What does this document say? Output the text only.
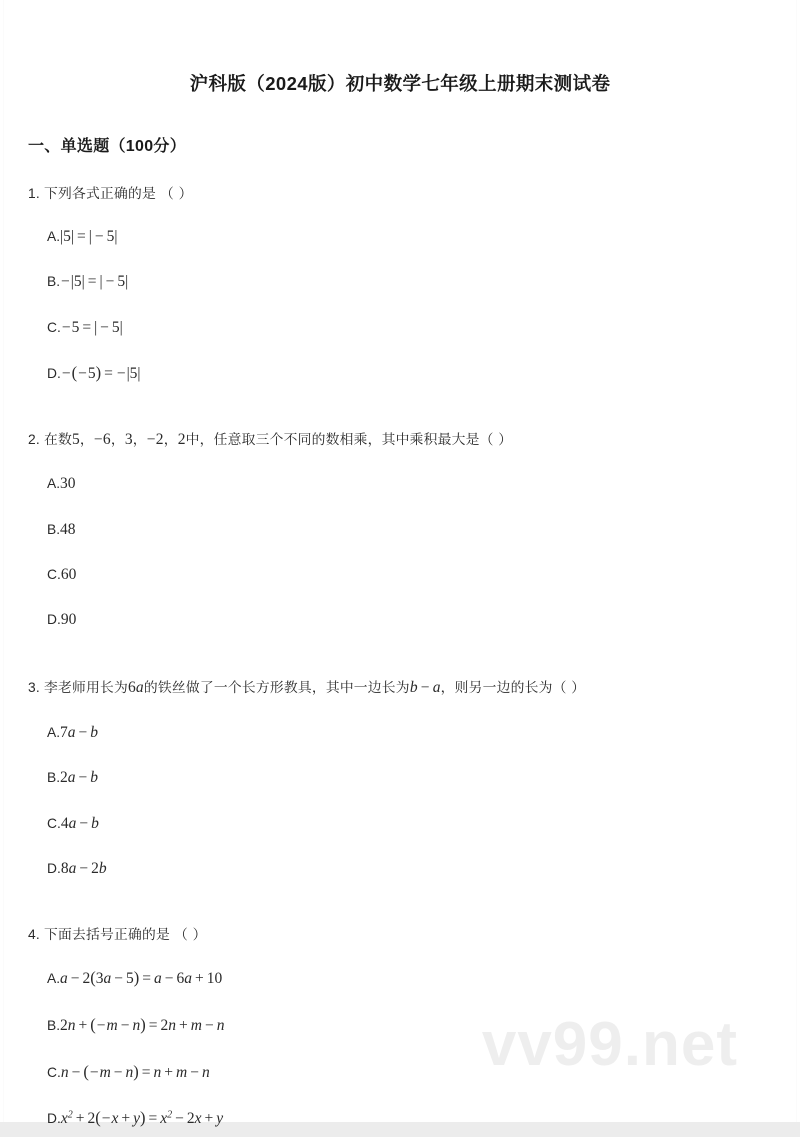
vv99.net
沪科版（2024版）初中数学七年级上册期末测试卷
一、单选题（100分）
1. 下列各式正确的是 （ ）
A.|5| = | − 5|
B.−|5| = | − 5|
C.−5 = | − 5|
D.−(−5) = −|5|
2. 在数5，−6，3，−2，2中，任意取三个不同的数相乘，其中乘积最大是（ ）
A.30
B.48
C.60
D.90
3. 李老师用长为6a的铁丝做了一个长方形教具，其中一边长为b − a，则另一边的长为（ ）
A.7a − b
B.2a − b
C.4a − b
D.8a − 2b
4. 下面去括号正确的是 （ ）
A.a − 2(3a − 5) = a − 6a + 10
B.2n + (−m − n) = 2n + m − n
C.n − (−m − n) = n + m − n
$D.x^2 + 2(-x + y) = x^2 - 2x + y$
